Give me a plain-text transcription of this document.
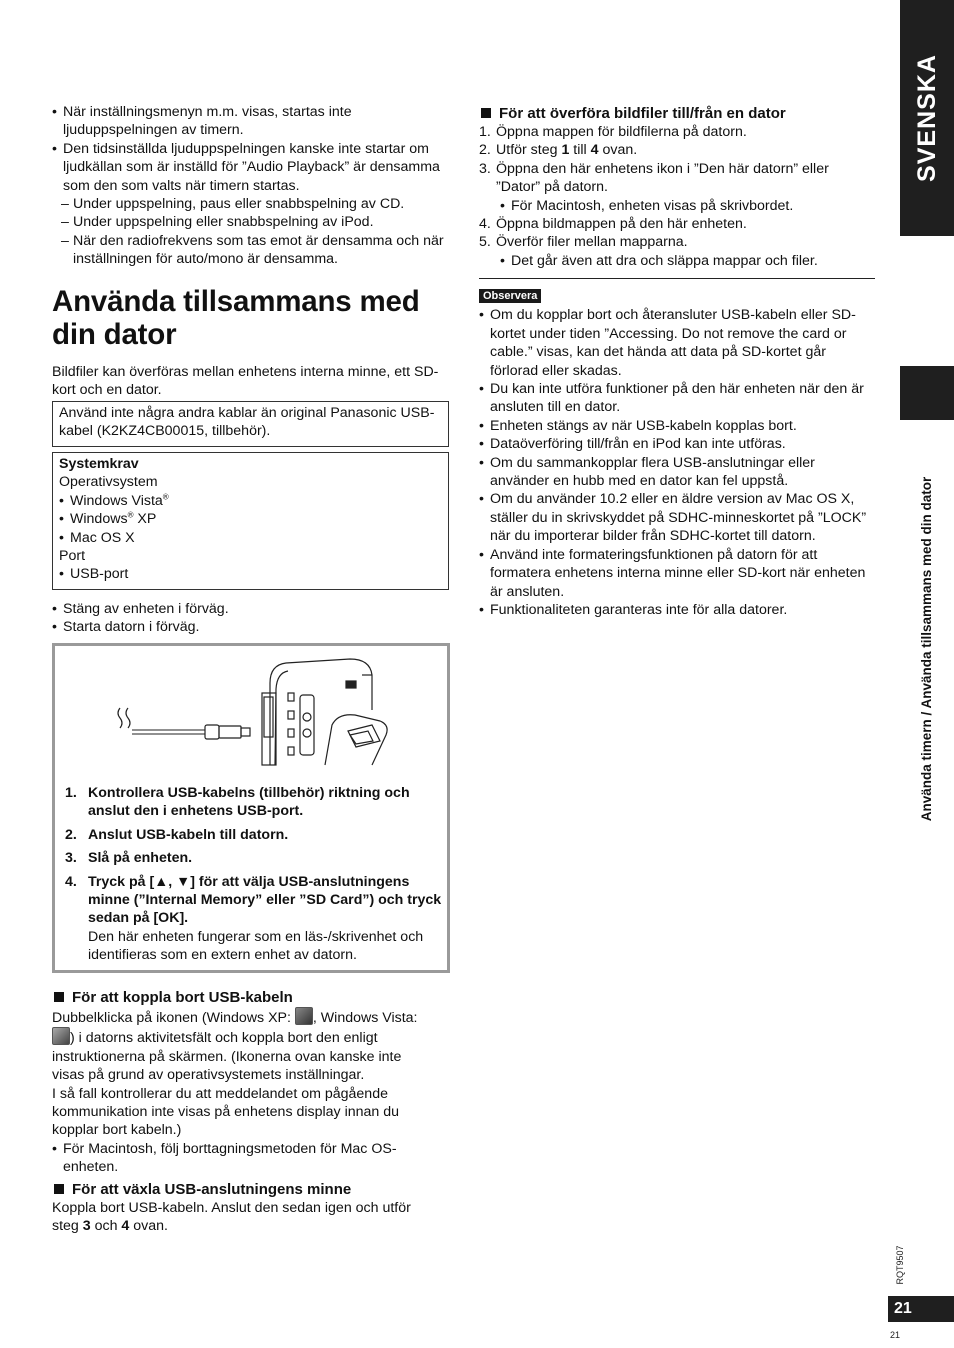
• När inställningsmenyn m.m. visas, startas inte ljuduppspelningen av timern.

• Den tidsinställda ljuduppspelningen kanske inte startar om ljudkällan som är inställd för ”Audio Playback” är densamma som den som valts när timern startas.

– Under uppspelning, paus eller snabbspelning av CD.

– Under uppspelning eller snabbspelning av iPod.

– När den radiofrekvens som tas emot är densamma och när inställningen för auto/mono är densamma.

Använda tillsammans med din dator

Bildfiler kan överföras mellan enhetens interna minne, ett SD-kort och en dator.

Använd inte några andra kablar än original Panasonic USB-kabel (K2KZ4CB00015, tillbehör).

Systemkrav

Operativsystem

• Windows Vista®

• Windows® XP

• Mac OS X

Port

• USB-port

• Stäng av enheten i förväg.

• Starta datorn i förväg.

1. Kontrollera USB-kabelns (tillbehör) riktning och anslut den i enhetens USB-port.
2. Anslut USB-kabeln till datorn.
3. Slå på enheten.
4. Tryck på [▲, ▼] för att välja USB-anslutningens minne (”Internal Memory” eller ”SD Card”) och tryck sedan på [OK].
Den här enheten fungerar som en läs-/skrivenhet och identifieras som en extern enhet av datorn.
För att koppla bort USB-kabeln

Dubbelklicka på ikonen (Windows XP: , Windows Vista: ) i datorns aktivitetsfält och koppla bort den enligt instruktionerna på skärmen. (Ikonerna ovan kanske inte visas på grund av operativsystemets inställningar.

I så fall kontrollerar du att meddelandet om pågående kommunikation inte visas på enhetens display innan du kopplar bort kabeln.)

• För Macintosh, följ borttagningsmetoden för Mac OS-enheten.

För att växla USB-anslutningens minne

Koppla bort USB-kabeln. Anslut den sedan igen och utför steg 3 och 4 ovan.

För att överföra bildfiler till/från en dator

1. Öppna mappen för bildfilerna på datorn.

2. Utför steg 1 till 4 ovan.

3. Öppna den här enhetens ikon i ”Den här datorn” eller ”Dator” på datorn.

• För Macintosh, enheten visas på skrivbordet.

4. Öppna bildmappen på den här enheten.

5. Överför filer mellan mapparna.

• Det går även att dra och släppa mappar och filer.

Observera

• Om du kopplar bort och återansluter USB-kabeln eller SD-kortet under tiden ”Accessing. Do not remove the card or cable.” visas, kan det hända att data på SD-kortet går förlorad eller skadas.

• Du kan inte utföra funktioner på den här enheten när den är ansluten till en dator.

• Enheten stängs av när USB-kabeln kopplas bort.

• Dataöverföring till/från en iPod kan inte utföras.

• Om du sammankopplar flera USB-anslutningar eller använder en hubb med en dator kan fel uppstå.

• Om du använder 10.2 eller en äldre version av Mac OS X, ställer du in skrivskyddet på SDHC-minneskortet på ”LOCK” när du importerar bilder från SDHC-kortet till datorn.

• Använd inte formateringsfunktionen på datorn för att formatera enhetens interna minne eller SD-kort när enheten är ansluten.

• Funktionaliteten garanteras inte för alla datorer.

SVENSKA
Använda timern / Använda tillsammans med din dator
RQT9507
21
21
